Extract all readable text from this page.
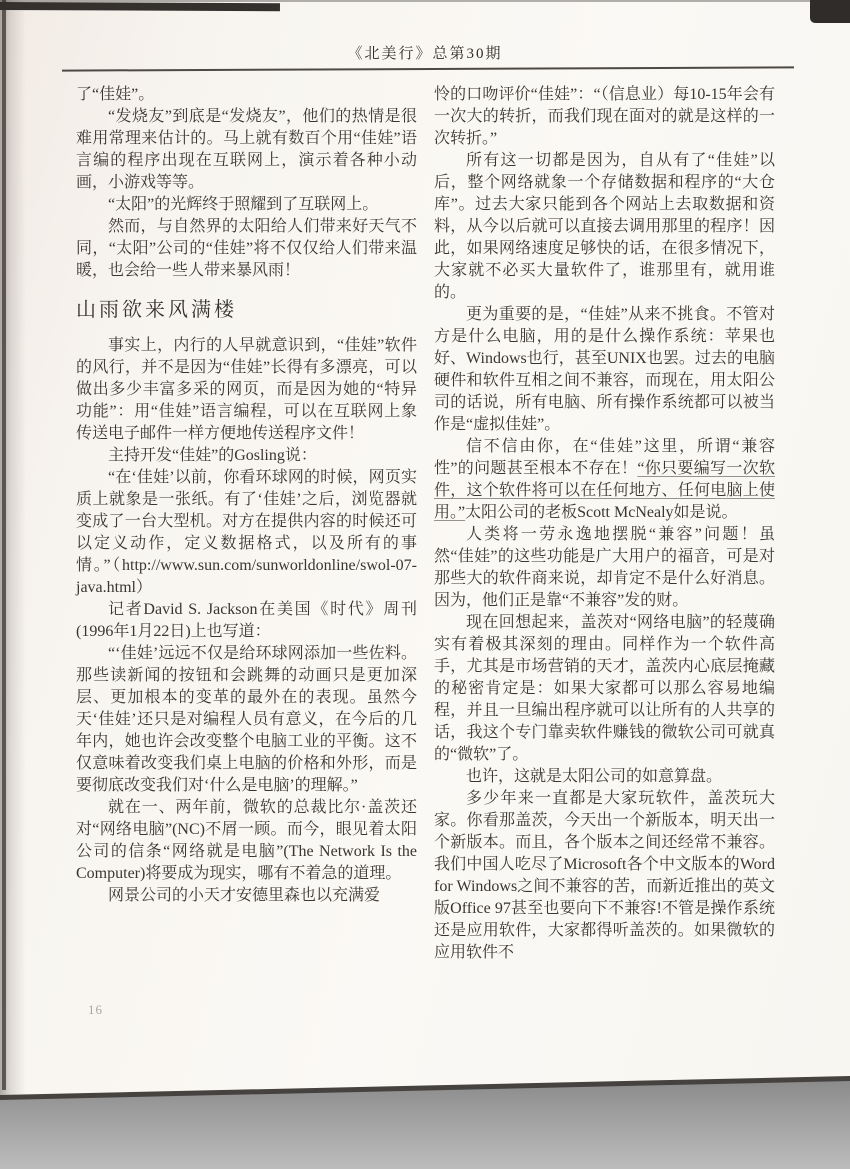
《北美行》总第30期

了“佳娃”。

“发烧友”到底是“发烧友”，他们的热情是很难用常理来估计的。马上就有数百个用“佳娃”语言编的程序出现在互联网上，演示着各种小动画，小游戏等等。

“太阳”的光辉终于照耀到了互联网上。

然而，与自然界的太阳给人们带来好天气不同，“太阳”公司的“佳娃”将不仅仅给人们带来温暖，也会给一些人带来暴风雨！

山雨欲来风满楼

事实上，内行的人早就意识到，“佳娃”软件的风行，并不是因为“佳娃”长得有多漂亮，可以做出多少丰富多采的网页，而是因为她的“特异功能”：用“佳娃”语言编程，可以在互联网上象传送电子邮件一样方便地传送程序文件！

主持开发“佳娃”的Gosling说：

“在‘佳娃’以前，你看环球网的时候，网页实质上就象是一张纸。有了‘佳娃’之后，浏览器就变成了一台大型机。对方在提供内容的时候还可以定义动作，定义数据格式，以及所有的事情。”（http://www.sun.com/sunworldonline/swol-07-java.html）

记者David S. Jackson在美国《时代》周刊(1996年1月22日)上也写道：

“‘佳娃’远远不仅是给环球网添加一些佐料。那些读新闻的按钮和会跳舞的动画只是更加深层、更加根本的变革的最外在的表现。虽然今天‘佳娃’还只是对编程人员有意义，在今后的几年内，她也许会改变整个电脑工业的平衡。这不仅意味着改变我们桌上电脑的价格和外形，而是要彻底改变我们对‘什么是电脑’的理解。”

就在一、两年前，微软的总裁比尔·盖茨还对“网络电脑”(NC)不屑一顾。而今，眼见着太阳公司的信条“网络就是电脑”(The Network Is the Computer)将要成为现实，哪有不着急的道理。

网景公司的小天才安德里森也以充满爱

怜的口吻评价“佳娃”：“（信息业）每10-15年会有一次大的转折，而我们现在面对的就是这样的一次转折。”

所有这一切都是因为，自从有了“佳娃”以后，整个网络就象一个存储数据和程序的“大仓库”。过去大家只能到各个网站上去取数据和资料，从今以后就可以直接去调用那里的程序！因此，如果网络速度足够快的话，在很多情况下，大家就不必买大量软件了，谁那里有，就用谁的。

更为重要的是，“佳娃”从来不挑食。不管对方是什么电脑，用的是什么操作系统：苹果也好、Windows也行，甚至UNIX也罢。过去的电脑硬件和软件互相之间不兼容，而现在，用太阳公司的话说，所有电脑、所有操作系统都可以被当作是“虚拟佳娃”。

信不信由你，在“佳娃”这里，所谓“兼容性”的问题甚至根本不存在！“你只要编写一次软件，这个软件将可以在任何地方、任何电脑上使用。”太阳公司的老板Scott McNealy如是说。

人类将一劳永逸地摆脱“兼容”问题！虽然“佳娃”的这些功能是广大用户的福音，可是对那些大的软件商来说，却肯定不是什么好消息。因为，他们正是靠“不兼容”发的财。

现在回想起来，盖茨对“网络电脑”的轻蔑确实有着极其深刻的理由。同样作为一个软件高手，尤其是市场营销的天才，盖茨内心底层掩藏的秘密肯定是：如果大家都可以那么容易地编程，并且一旦编出程序就可以让所有的人共享的话，我这个专门靠卖软件赚钱的微软公司可就真的“微软”了。

也许，这就是太阳公司的如意算盘。

多少年来一直都是大家玩软件，盖茨玩大家。你看那盖茨，今天出一个新版本，明天出一个新版本。而且，各个版本之间还经常不兼容。我们中国人吃尽了Microsoft各个中文版本的Word for Windows之间不兼容的苦，而新近推出的英文版Office 97甚至也要向下不兼容!不管是操作系统还是应用软件，大家都得听盖茨的。如果微软的应用软件不

16
